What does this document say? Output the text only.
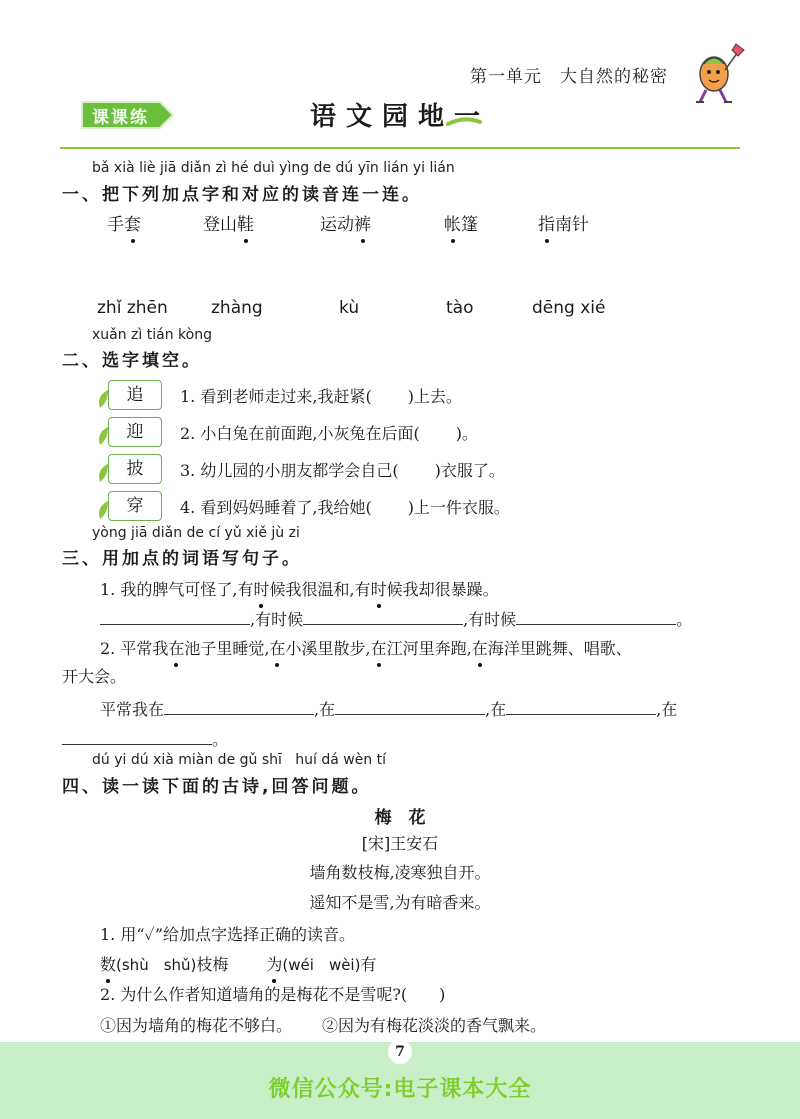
第一单元 大自然的秘密
课课练	语文园地一
bǎ xià liè jiā diǎn zì hé duì yìng de dú yīn lián yi lián
一、把下列加点字和对应的读音连一连。
手套	登山鞋	运动裤	帐篷	指南针
zhǐ zhēn	zhàng	kù	tào	dēng xié
xuǎn zì tián kòng
二、选字填空。
追	1. 看到老师走过来,我赶紧( )上去。
迎	2. 小白兔在前面跑,小灰兔在后面( )。
披	3. 幼儿园的小朋友都学会自己( )衣服了。
穿	4. 看到妈妈睡着了,我给她( )上一件衣服。
yòng jiā diǎn de cí yǔ xiě jù zi
三、用加点的词语写句子。
1. 我的脾气可怪了,有时候我很温和,有时候我却很暴躁。
,有时候	,有时候	。
2. 平常我在池子里睡觉,在小溪里散步,在江河里奔跑,在海洋里跳舞、唱歌、
开大会。
平常我在	,在	,在	,在
。
dú yi dú xià miàn de gǔ shī   huí dá wèn tí
四、读一读下面的古诗,回答问题。
梅　花
[宋]王安石
墙角数枝梅,凌寒独自开。
遥知不是雪,为有暗香来。
1. 用“✓”给加点字选择正确的读音。
数(shù　shǔ)枝梅 为(wéi　wèi)有
2. 为什么作者知道墙角的是梅花不是雪呢?(　　)
①因为墙角的梅花不够白。 ②因为有梅花淡淡的香气飘来。
7
微信公众号:电子课本大全
